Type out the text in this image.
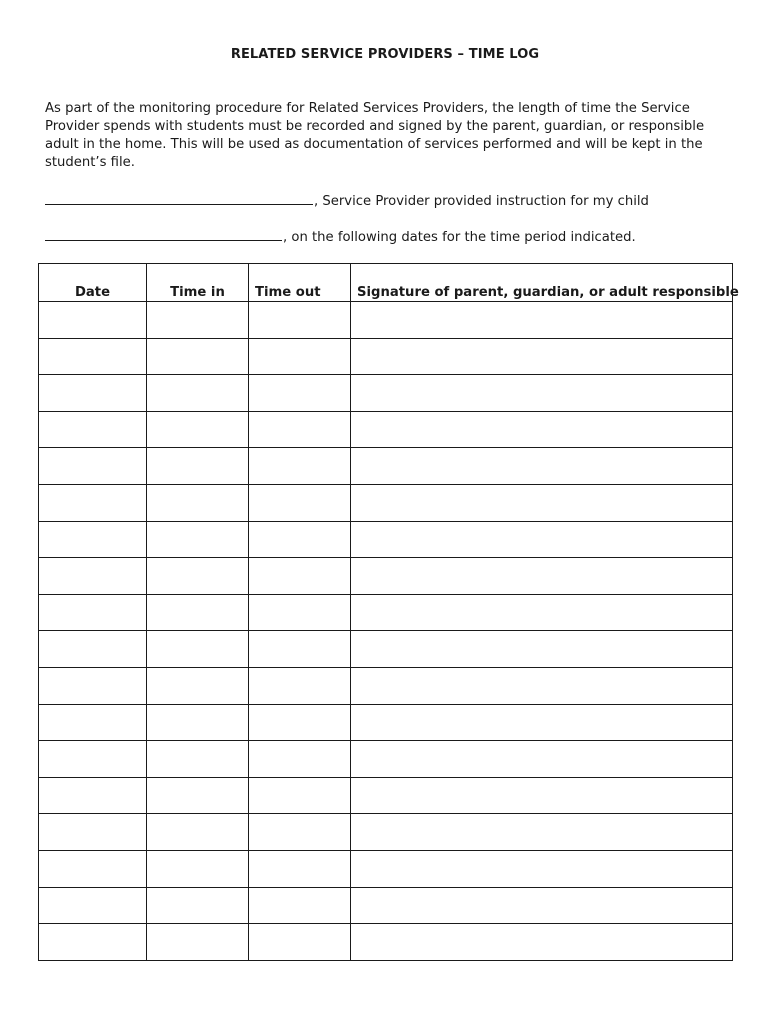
RELATED SERVICE PROVIDERS – TIME LOG
As part of the monitoring procedure for Related Services Providers, the length of time the Service Provider spends with students must be recorded and signed by the parent, guardian, or responsible adult in the home. This will be used as documentation of services performed and will be kept in the student’s file.
, Service Provider provided instruction for my child
, on the following dates for the time period indicated.
Date	Time in	Time out	Signature of parent, guardian, or adult responsible
